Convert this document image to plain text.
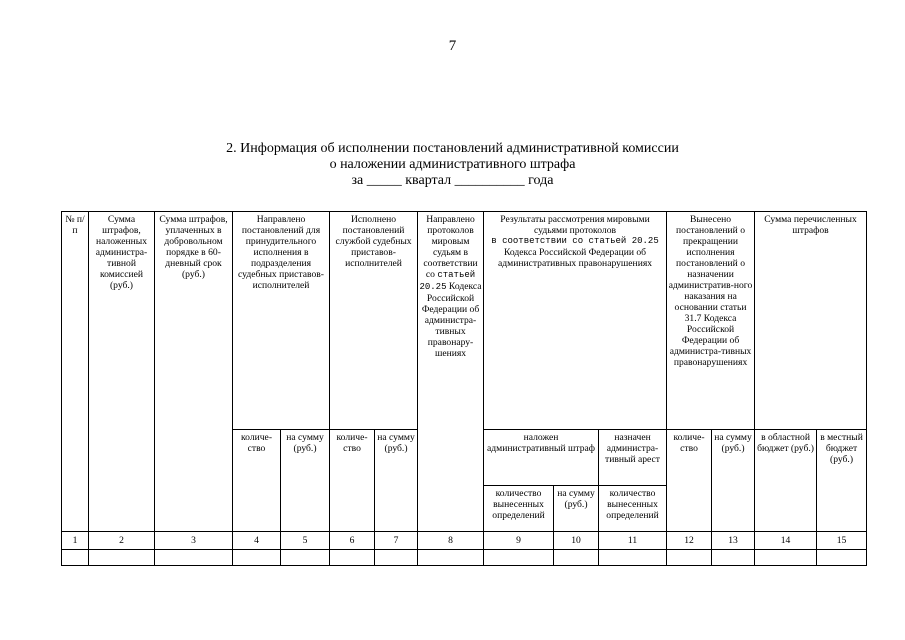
7
2. Информация об исполнении постановлений административной комиссии
о наложении административного штрафа
за _____ квартал __________ года
№ п/п	Сумма штрафов, наложенных администра-тивной комиссией (руб.)	Сумма штрафов, уплаченных в добровольном порядке в 60-дневный срок (руб.)	Направлено постановлений для принудительного исполнения в подразделения судебных приставов-исполнителей		Исполнено постановлений службой судебных приставов-исполнителей		Направлено протоколов мировым судьям в соответствии со статьей 20.25 Кодекса Российской Федерации об администра-тивных правонару-шениях	Результаты рассмотрения мировыми судьями протоколов
в соответствии со статьей 20.25
Кодекса Российской Федерации об административных правонарушениях			Вынесено постановлений о прекращении исполнения постановлений о назначении административ-ного наказания на основании статьи 31.7 Кодекса Российской Федерации об администра-тивных правонарушениях		Сумма перечисленных штрафов	
			количе-ство	на сумму (руб.)	количе-ство	на сумму (руб.)		наложен административный штраф		назначен администра-тивный арест	количе-ство	на сумму (руб.)	в областной бюджет (руб.)	в местный бюджет (руб.)
								количество вынесенных определений	на сумму (руб.)	количество вынесенных определений				
1	2	3	4	5	6	7	8	9	10	11	12	13	14	15
